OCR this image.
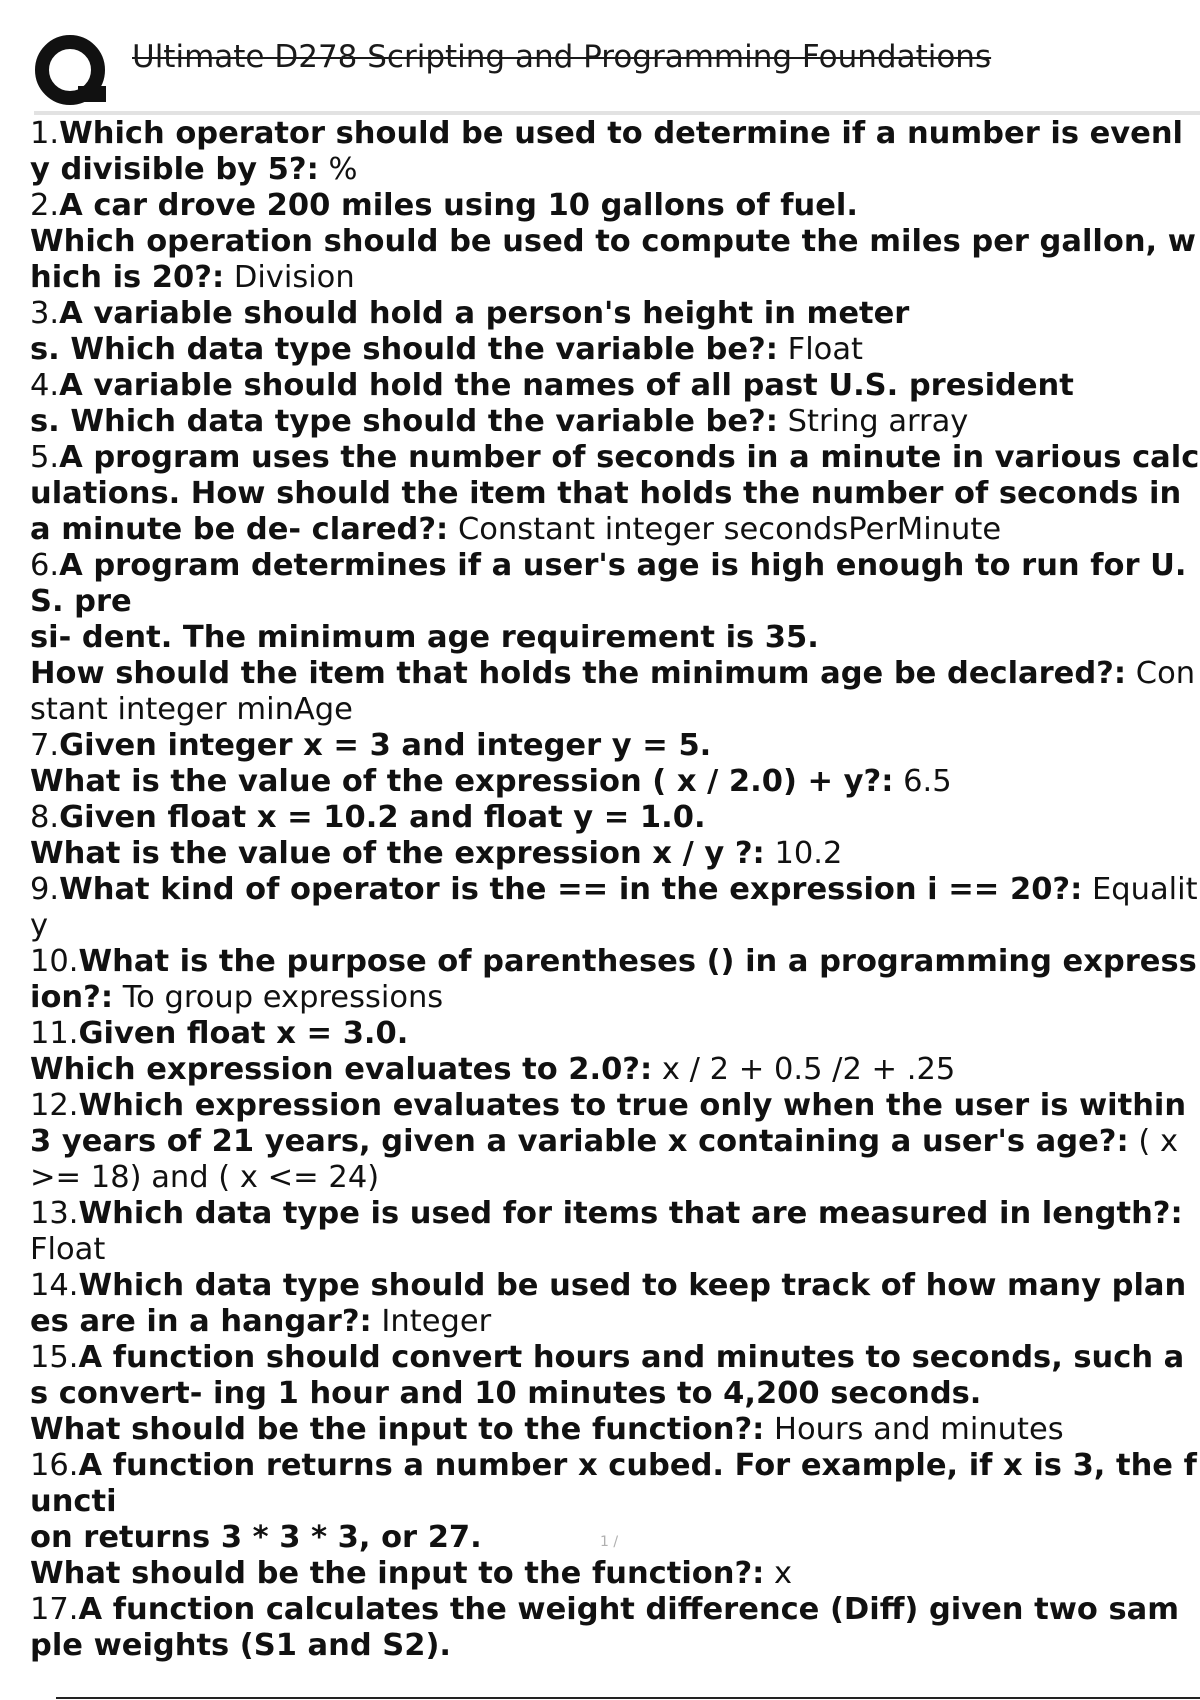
Ultimate D278 Scripting and Programming Foundations
1.Which operator should be used to determine if a number is evenly divisible by 5?: %
2.A car drove 200 miles using 10 gallons of fuel.
Which operation should be used to compute the miles per gallon, which is 20?: Division
3.A variable should hold a person's height in meter
s. Which data type should the variable be?: Float
4.A variable should hold the names of all past U.S. president
s. Which data type should the variable be?: String array
5.A program uses the number of seconds in a minute in various calculations. How should the item that holds the number of seconds in a minute be de- clared?: Constant integer secondsPerMinute
6.A program determines if a user's age is high enough to run for U.S. pre
si- dent. The minimum age requirement is 35.
How should the item that holds the minimum age be declared?: Constant integer minAge
7.Given integer x = 3 and integer y = 5.
What is the value of the expression ( x / 2.0) + y?: 6.5
8.Given float x = 10.2 and float y = 1.0.
What is the value of the expression x / y ?: 10.2
9.What kind of operator is the == in the expression i == 20?: Equality
10.What is the purpose of parentheses () in a programming expression?: To group expressions
11.Given float x = 3.0.
Which expression evaluates to 2.0?: x / 2 + 0.5 /2 + .25
12.Which expression evaluates to true only when the user is within 3 years of 21 years, given a variable x containing a user's age?: ( x >= 18) and ( x <= 24)
13.Which data type is used for items that are measured in length?: Float
14.Which data type should be used to keep track of how many planes are in a hangar?: Integer
15.A function should convert hours and minutes to seconds, such as convert- ing 1 hour and 10 minutes to 4,200 seconds.
What should be the input to the function?: Hours and minutes
16.A function returns a number x cubed. For example, if x is 3, the functi
on returns 3 * 3 * 3, or 27.
What should be the input to the function?: x
17.A function calculates the weight difference (Diff) given two sample weights (S1 and S2).
1 /
